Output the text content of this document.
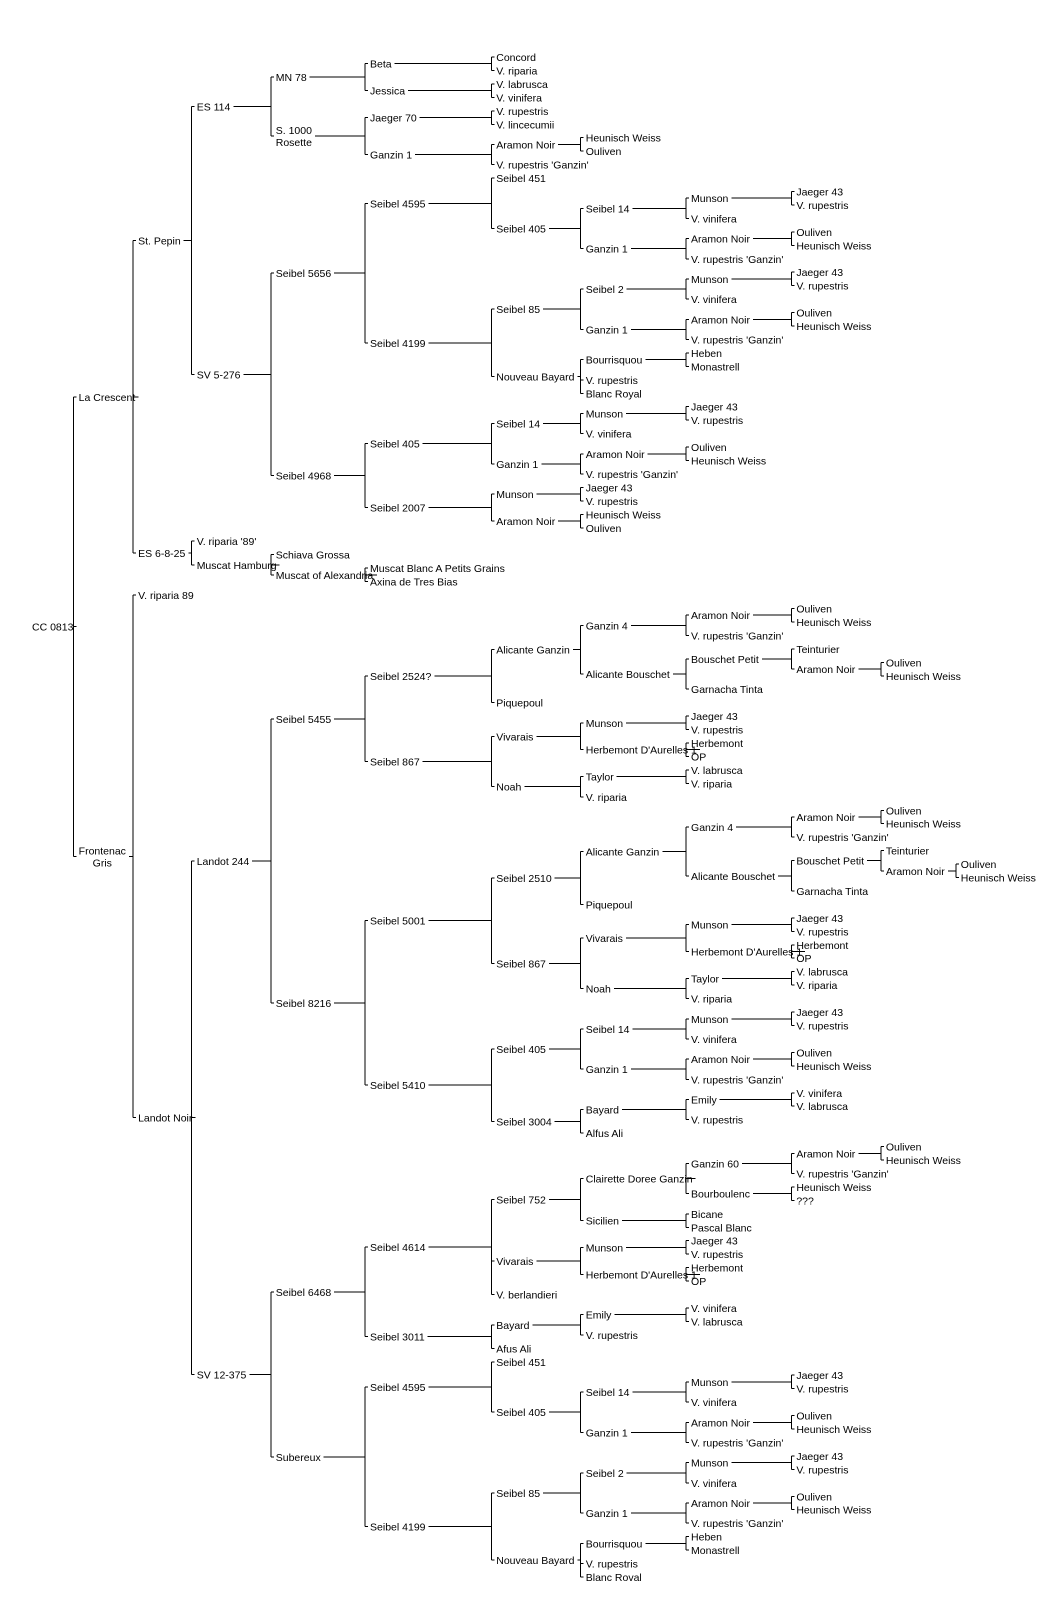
CC 0813
La Crescent
St. Pepin
ES 114
MN 78
Beta
Concord
V. riparia
Jessica
V. labrusca
V. vinifera
S. 1000 Rosette
Jaeger 70
V. rupestris
V. lincecumii
Ganzin 1
Aramon Noir
Heunisch Weiss
Ouliven
V. rupestris 'Ganzin'
SV 5-276
Seibel 5656
Seibel 4595
Seibel 451
Seibel 405
Seibel 14
Munson
Jaeger 43
V. rupestris
V. vinifera
Ganzin 1
Aramon Noir
Ouliven
Heunisch Weiss
V. rupestris 'Ganzin'
Seibel 4199
Seibel 85
Seibel 2
Munson
Jaeger 43
V. rupestris
V. vinifera
Ganzin 1
Aramon Noir
Ouliven
Heunisch Weiss
V. rupestris 'Ganzin'
Nouveau Bayard
Bourrisquou
Heben
Monastrell
V. rupestris
Blanc Royal
Seibel 4968
Seibel 405
Seibel 14
Munson
Jaeger 43
V. rupestris
V. vinifera
Ganzin 1
Aramon Noir
Ouliven
Heunisch Weiss
V. rupestris 'Ganzin'
Seibel 2007
Munson
Jaeger 43
V. rupestris
Aramon Noir
Heunisch Weiss
Ouliven
ES 6-8-25
V. riparia '89'
Muscat Hamburg
Schiava Grossa
Muscat of Alexandria
Muscat Blanc A Petits Grains
Axina de Tres Bias
Frontenac Gris
V. riparia 89
Landot Noir
Landot 244
Seibel 5455
Seibel 2524?
Alicante Ganzin
Ganzin 4
Aramon Noir
Ouliven
Heunisch Weiss
V. rupestris 'Ganzin'
Alicante Bouschet
Bouschet Petit
Teinturier
Aramon Noir
Ouliven
Heunisch Weiss
Garnacha Tinta
Piquepoul
Seibel 867
Vivarais
Munson
Jaeger 43
V. rupestris
Herbemont D'Aurelles 1
Herbemont
OP
Noah
Taylor
V. labrusca
V. riparia
V. riparia
Seibel 8216
Seibel 5001
Seibel 2510
Alicante Ganzin
Ganzin 4
Aramon Noir
Ouliven
Heunisch Weiss
V. rupestris 'Ganzin'
Alicante Bouschet
Bouschet Petit
Teinturier
Aramon Noir
Ouliven
Heunisch Weiss
Garnacha Tinta
Piquepoul
Seibel 867
Vivarais
Munson
Jaeger 43
V. rupestris
Herbemont D'Aurelles 1
Herbemont
OP
Noah
Taylor
V. labrusca
V. riparia
V. riparia
Seibel 5410
Seibel 405
Seibel 14
Munson
Jaeger 43
V. rupestris
V. vinifera
Ganzin 1
Aramon Noir
Ouliven
Heunisch Weiss
V. rupestris 'Ganzin'
Seibel 3004
Bayard
Emily
V. vinifera
V. labrusca
V. rupestris
Alfus Ali
SV 12-375
Seibel 6468
Seibel 4614
Seibel 752
Clairette Doree Ganzin
Ganzin 60
Aramon Noir
Ouliven
Heunisch Weiss
V. rupestris 'Ganzin'
Bourboulenc
Heunisch Weiss
???
Sicilien
Bicane
Pascal Blanc
Vivarais
Munson
Jaeger 43
V. rupestris
Herbemont D'Aurelles 1
Herbemont
OP
V. berlandieri
Seibel 3011
Bayard
Emily
V. vinifera
V. labrusca
V. rupestris
Afus Ali
Subereux
Seibel 4595
Seibel 451
Seibel 405
Seibel 14
Munson
Jaeger 43
V. rupestris
V. vinifera
Ganzin 1
Aramon Noir
Ouliven
Heunisch Weiss
V. rupestris 'Ganzin'
Seibel 4199
Seibel 85
Seibel 2
Munson
Jaeger 43
V. rupestris
V. vinifera
Ganzin 1
Aramon Noir
Ouliven
Heunisch Weiss
V. rupestris 'Ganzin'
Nouveau Bayard
Bourrisquou
Heben
Monastrell
V. rupestris
Blanc Roval
